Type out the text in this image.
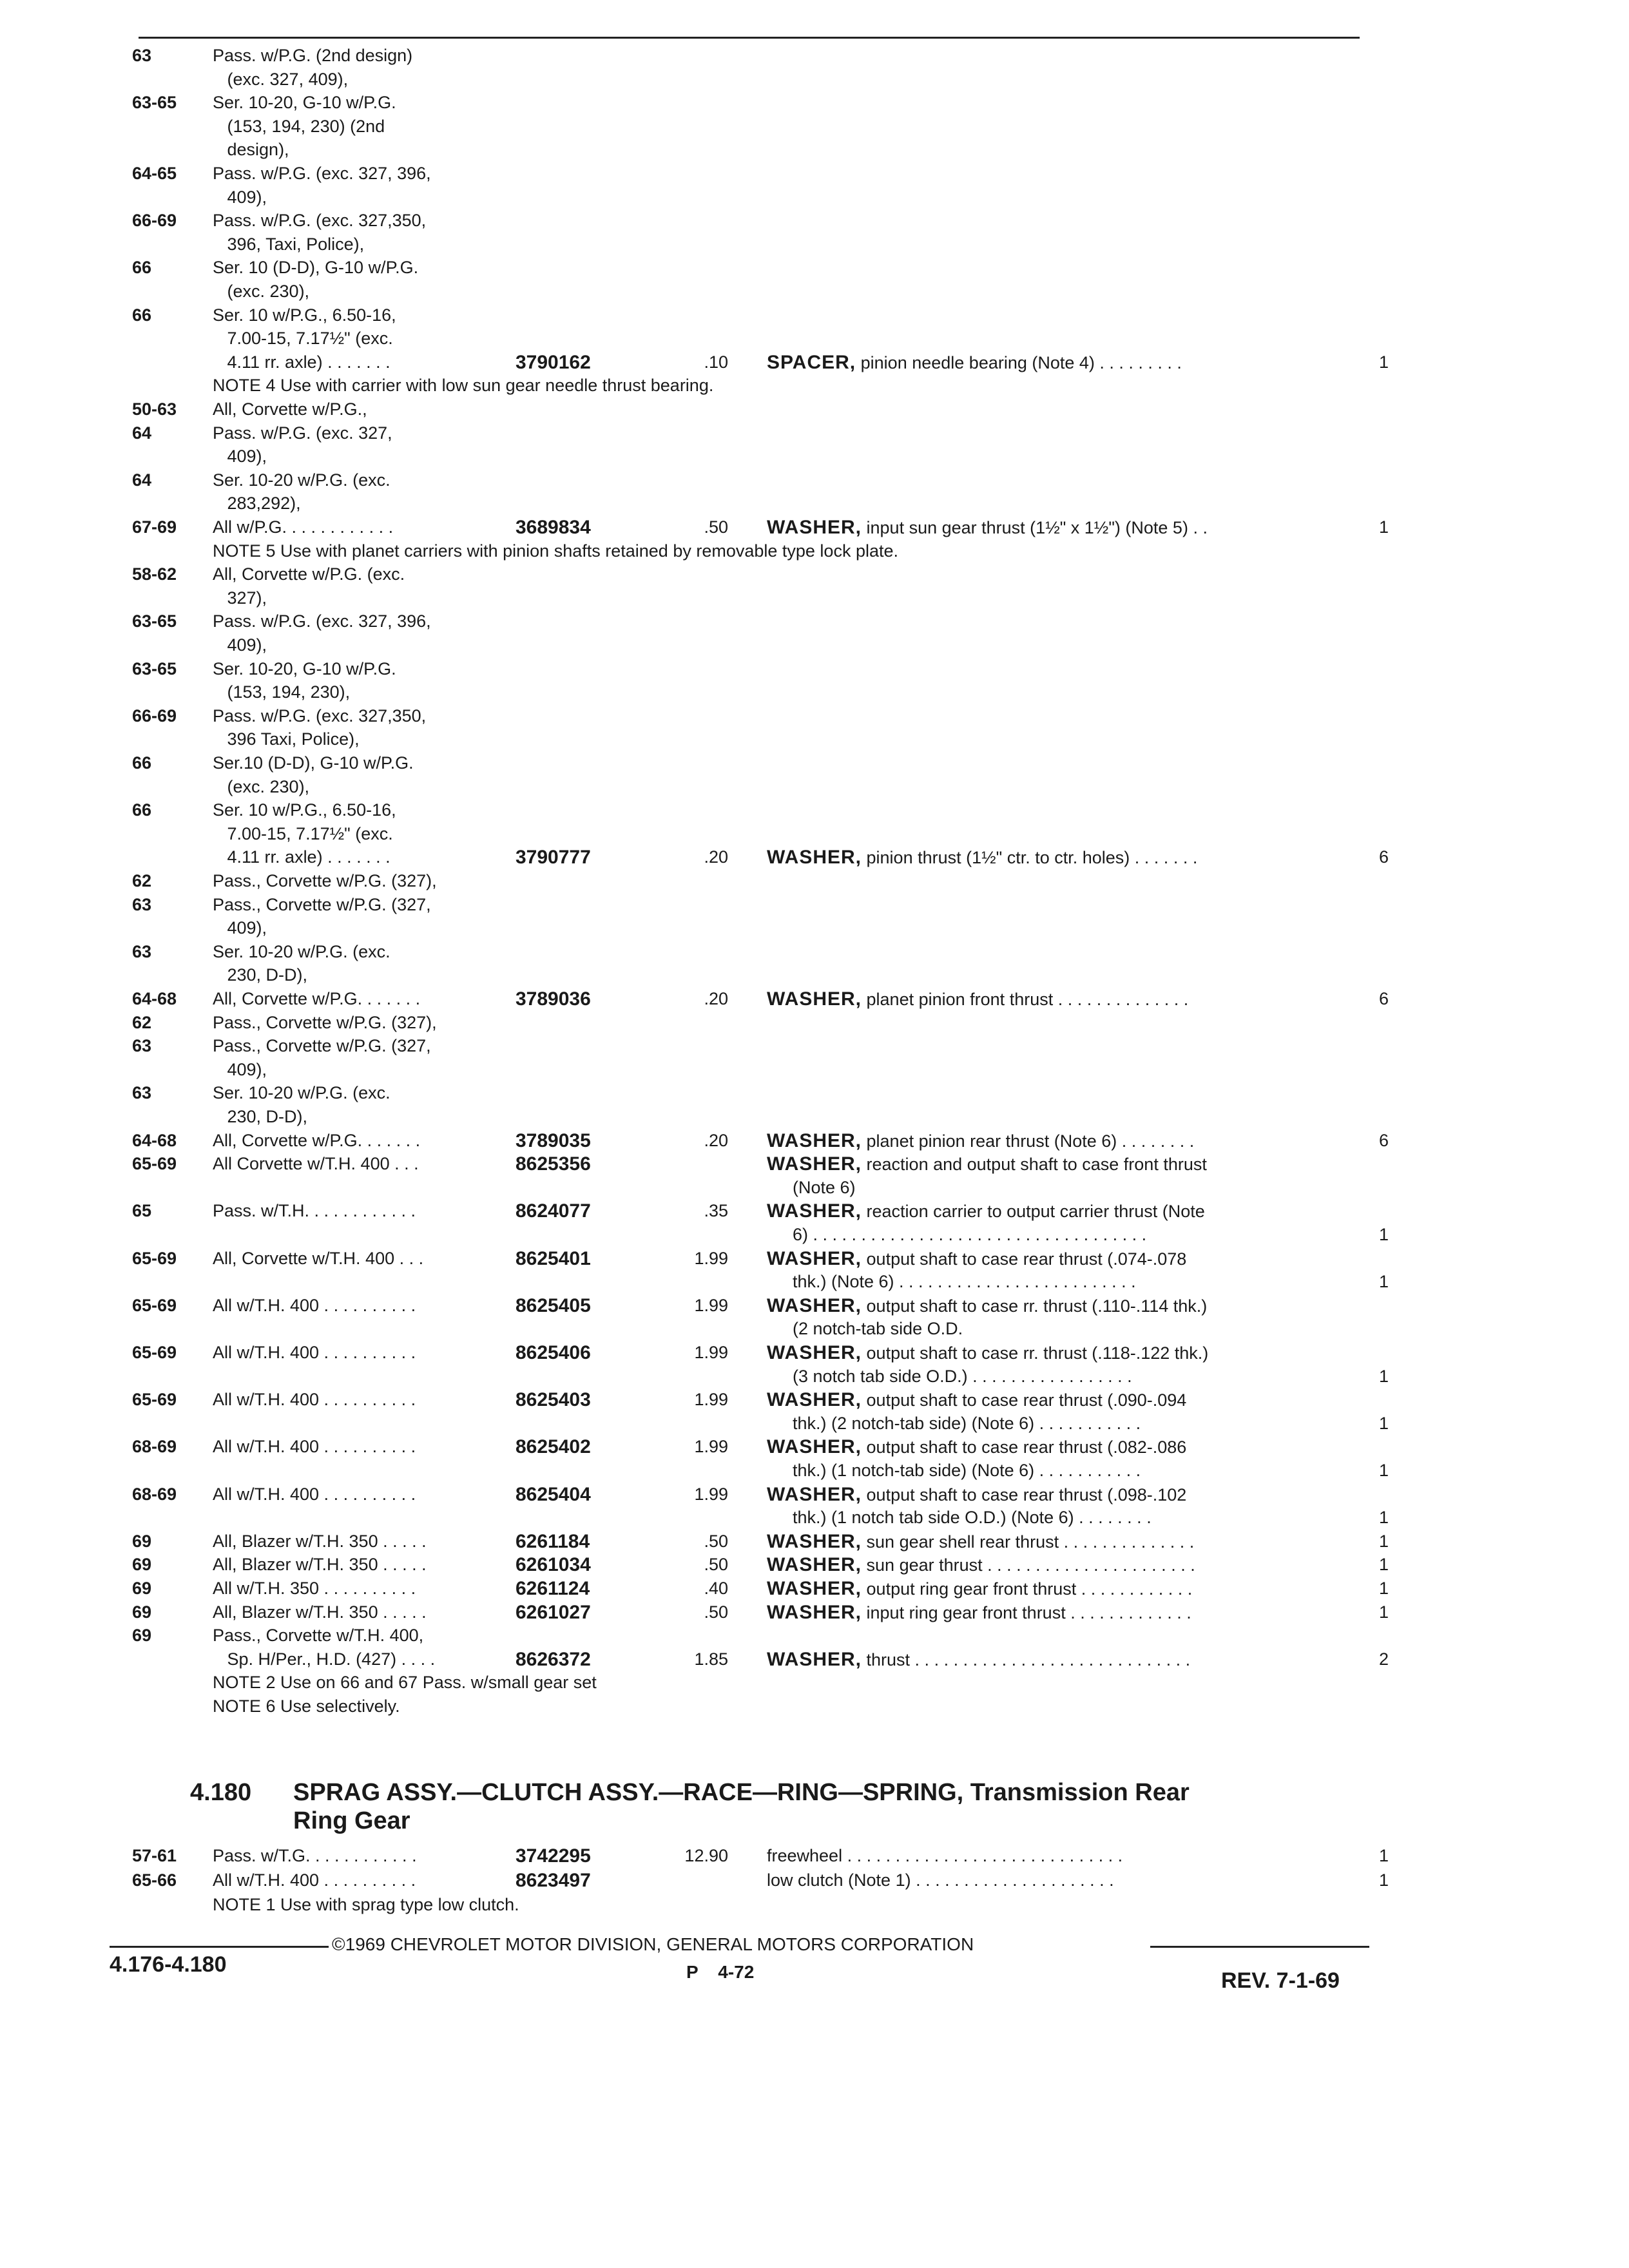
63	Pass. w/P.G. (2nd design)
(exc. 327, 409),
63-65 Ser. 10-20, G-10 w/P.G.
(153, 194, 230) (2nd
design),
64-65 Pass. w/P.G. (exc. 327, 396,
409),
66-69 Pass. w/P.G. (exc. 327,350,
396, Taxi, Police),
66	Ser. 10 (D-D), G-10 w/P.G.
(exc. 230),
66	Ser. 10 w/P.G., 6.50-16,
7.00-15, 7.17½" (exc.
4.11 rr. axle) . . . . . . .	3790162	.10 SPACER, pinion needle bearing (Note 4) . . . . . . . . .	1
NOTE 4 Use with carrier with low sun gear needle thrust bearing.
50-63 All, Corvette w/P.G.,
64	Pass. w/P.G. (exc. 327,
409),
64	Ser. 10-20 w/P.G. (exc.
283,292),
67-69 All w/P.G. . . . . . . . . . . .	3689834	.50 WASHER, input sun gear thrust (1½" x 1½") (Note 5) . .	1
NOTE 5 Use with planet carriers with pinion shafts retained by removable type lock plate.
58-62 All, Corvette w/P.G. (exc.
327),
63-65 Pass. w/P.G. (exc. 327, 396,
409),
63-65 Ser. 10-20, G-10 w/P.G.
(153, 194, 230),
66-69 Pass. w/P.G. (exc. 327,350,
396 Taxi, Police),
66	Ser.10 (D-D), G-10 w/P.G.
(exc. 230),
66	Ser. 10 w/P.G., 6.50-16,
7.00-15, 7.17½" (exc.
4.11 rr. axle) . . . . . . .	3790777	.20 WASHER, pinion thrust (1½" ctr. to ctr. holes) . . . . . . .	6
62	Pass., Corvette w/P.G. (327),
63	Pass., Corvette w/P.G. (327,
409),
63	Ser. 10-20 w/P.G. (exc.
230, D-D),
64-68 All, Corvette w/P.G. . . . . . .	3789036	.20 WASHER, planet pinion front thrust . . . . . . . . . . . . . .	6
62	Pass., Corvette w/P.G. (327),
63	Pass., Corvette w/P.G. (327,
409),
63	Ser. 10-20 w/P.G. (exc.
230, D-D),
64-68 All, Corvette w/P.G. . . . . . .	3789035	.20 WASHER, planet pinion rear thrust (Note 6) . . . . . . . .	6
65-69 All Corvette w/T.H. 400 . . .	8625356	WASHER, reaction and output shaft to case front thrust
(Note 6)
65	Pass. w/T.H. . . . . . . . . . . .	8624077	.35 WASHER, reaction carrier to output carrier thrust (Note
6) . . . . . . . . . . . . . . . . . . . . . . . . . . . . . . . . . . .	1
65-69 All, Corvette w/T.H. 400 . . .	8625401	1.99 WASHER, output shaft to case rear thrust (.074-.078
thk.) (Note 6) . . . . . . . . . . . . . . . . . . . . . . . . .	1
65-69 All w/T.H. 400 . . . . . . . . . .	8625405	1.99 WASHER, output shaft to case rr. thrust (.110-.114 thk.)
(2 notch-tab side O.D.
65-69 All w/T.H. 400 . . . . . . . . . .	8625406	1.99 WASHER, output shaft to case rr. thrust (.118-.122 thk.)
(3 notch tab side O.D.) . . . . . . . . . . . . . . . . .	1
65-69 All w/T.H. 400 . . . . . . . . . .	8625403	1.99 WASHER, output shaft to case rear thrust (.090-.094
thk.) (2 notch-tab side) (Note 6) . . . . . . . . . . .	1
68-69 All w/T.H. 400 . . . . . . . . . .	8625402	1.99 WASHER, output shaft to case rear thrust (.082-.086
thk.) (1 notch-tab side) (Note 6) . . . . . . . . . . .	1
68-69 All w/T.H. 400 . . . . . . . . . .	8625404	1.99 WASHER, output shaft to case rear thrust (.098-.102
thk.) (1 notch tab side O.D.) (Note 6) . . . . . . . .	1
69	All, Blazer w/T.H. 350 . . . . .	6261184	.50 WASHER, sun gear shell rear thrust . . . . . . . . . . . . . .	1
69	All, Blazer w/T.H. 350 . . . . .	6261034	.50 WASHER, sun gear thrust . . . . . . . . . . . . . . . . . . . . . .	1
69	All w/T.H. 350 . . . . . . . . . .	6261124	.40 WASHER, output ring gear front thrust . . . . . . . . . . . .	1
69	All, Blazer w/T.H. 350 . . . . .	6261027	.50 WASHER, input ring gear front thrust . . . . . . . . . . . . .	1
69	Pass., Corvette w/T.H. 400,
Sp. H/Per., H.D. (427) . . . .	8626372	1.85 WASHER, thrust . . . . . . . . . . . . . . . . . . . . . . . . . . . . .	2
NOTE 2 Use on 66 and 67 Pass. w/small gear set
NOTE 6 Use selectively.
4.180 SPRAG ASSY.—CLUTCH ASSY.—RACE—RING—SPRING, Transmission Rear
Ring Gear
57-61 Pass. w/T.G. . . . . . . . . . . .	3742295	12.90 freewheel . . . . . . . . . . . . . . . . . . . . . . . . . . . . .	1
65-66 All w/T.H. 400 . . . . . . . . . .	8623497	low clutch (Note 1) . . . . . . . . . . . . . . . . . . . . .	1
NOTE 1 Use with sprag type low clutch.
©1969 CHEVROLET MOTOR DIVISION, GENERAL MOTORS CORPORATION
4.176-4.180	P    4-72	REV. 7-1-69
